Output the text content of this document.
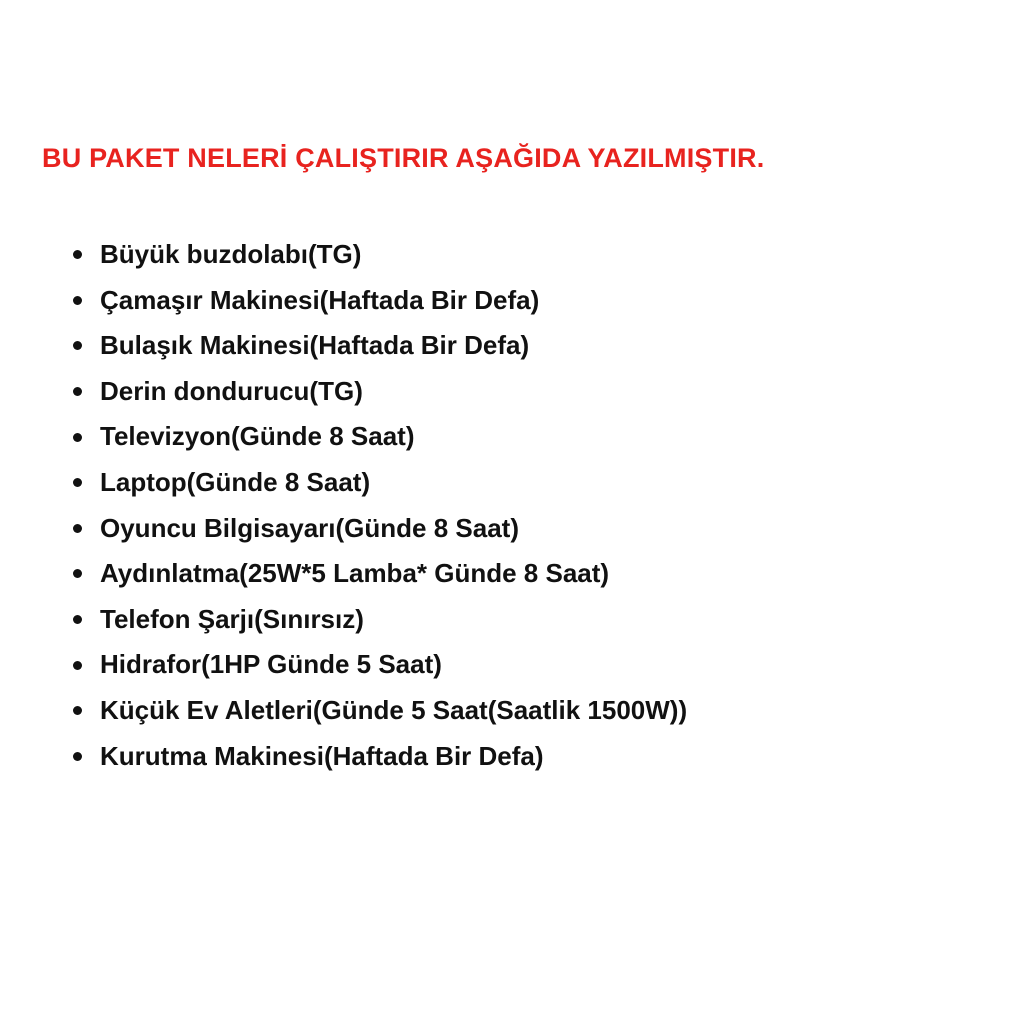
BU PAKET NELERİ ÇALIŞTIRIR AŞAĞIDA YAZILMIŞTIR.
Büyük buzdolabı(TG)
Çamaşır Makinesi(Haftada Bir Defa)
Bulaşık Makinesi(Haftada Bir Defa)
Derin dondurucu(TG)
Televizyon(Günde 8 Saat)
Laptop(Günde 8 Saat)
Oyuncu Bilgisayarı(Günde 8 Saat)
Aydınlatma(25W*5 Lamba* Günde 8 Saat)
Telefon Şarjı(Sınırsız)
Hidrafor(1HP Günde 5 Saat)
Küçük Ev Aletleri(Günde 5 Saat(Saatlik 1500W))
Kurutma Makinesi(Haftada Bir Defa)
